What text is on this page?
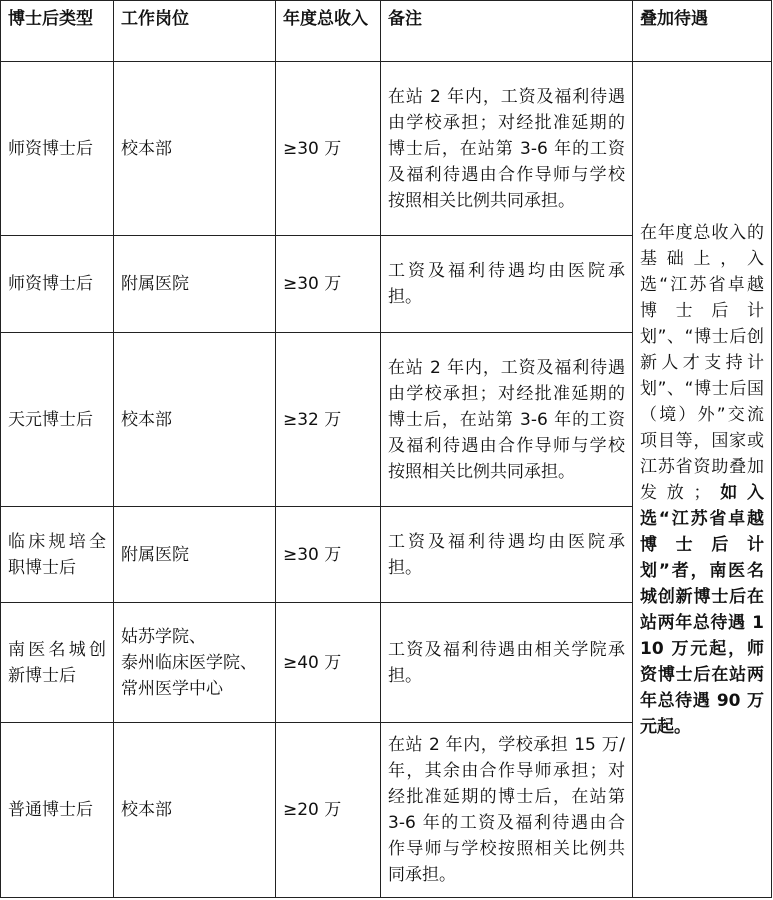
博士后类型	工作岗位	年度总收入	备注	叠加待遇
师资博士后	校本部	≥30 万	在站 2 年内，工资及福利待遇由学校承担；对经批准延期的博士后，在站第 3-6 年的工资及福利待遇由合作导师与学校按照相关比例共同承担。	在年度总收入的基础上，入选“江苏省卓越博士后计划”、“博士后创新人才支持计划”、“博士后国（境）外”交流项目等，国家或江苏省资助叠加发放；如入选“江苏省卓越博士后计划”者，南医名城创新博士后在站两年总待遇 110 万元起，师资博士后在站两年总待遇 90 万元起。
师资博士后	附属医院	≥30 万	工资及福利待遇均由医院承担。	
天元博士后	校本部	≥32 万	在站 2 年内，工资及福利待遇由学校承担；对经批准延期的博士后，在站第 3-6 年的工资及福利待遇由合作导师与学校按照相关比例共同承担。	
临床规培全职博士后	附属医院	≥30 万	工资及福利待遇均由医院承担。	
南医名城创新博士后	姑苏学院、
泰州临床医学院、
常州医学中心	≥40 万	工资及福利待遇由相关学院承担。	
普通博士后	校本部	≥20 万	在站 2 年内，学校承担 15 万/年，其余由合作导师承担；对经批准延期的博士后，在站第 3-6 年的工资及福利待遇由合作导师与学校按照相关比例共同承担。	
